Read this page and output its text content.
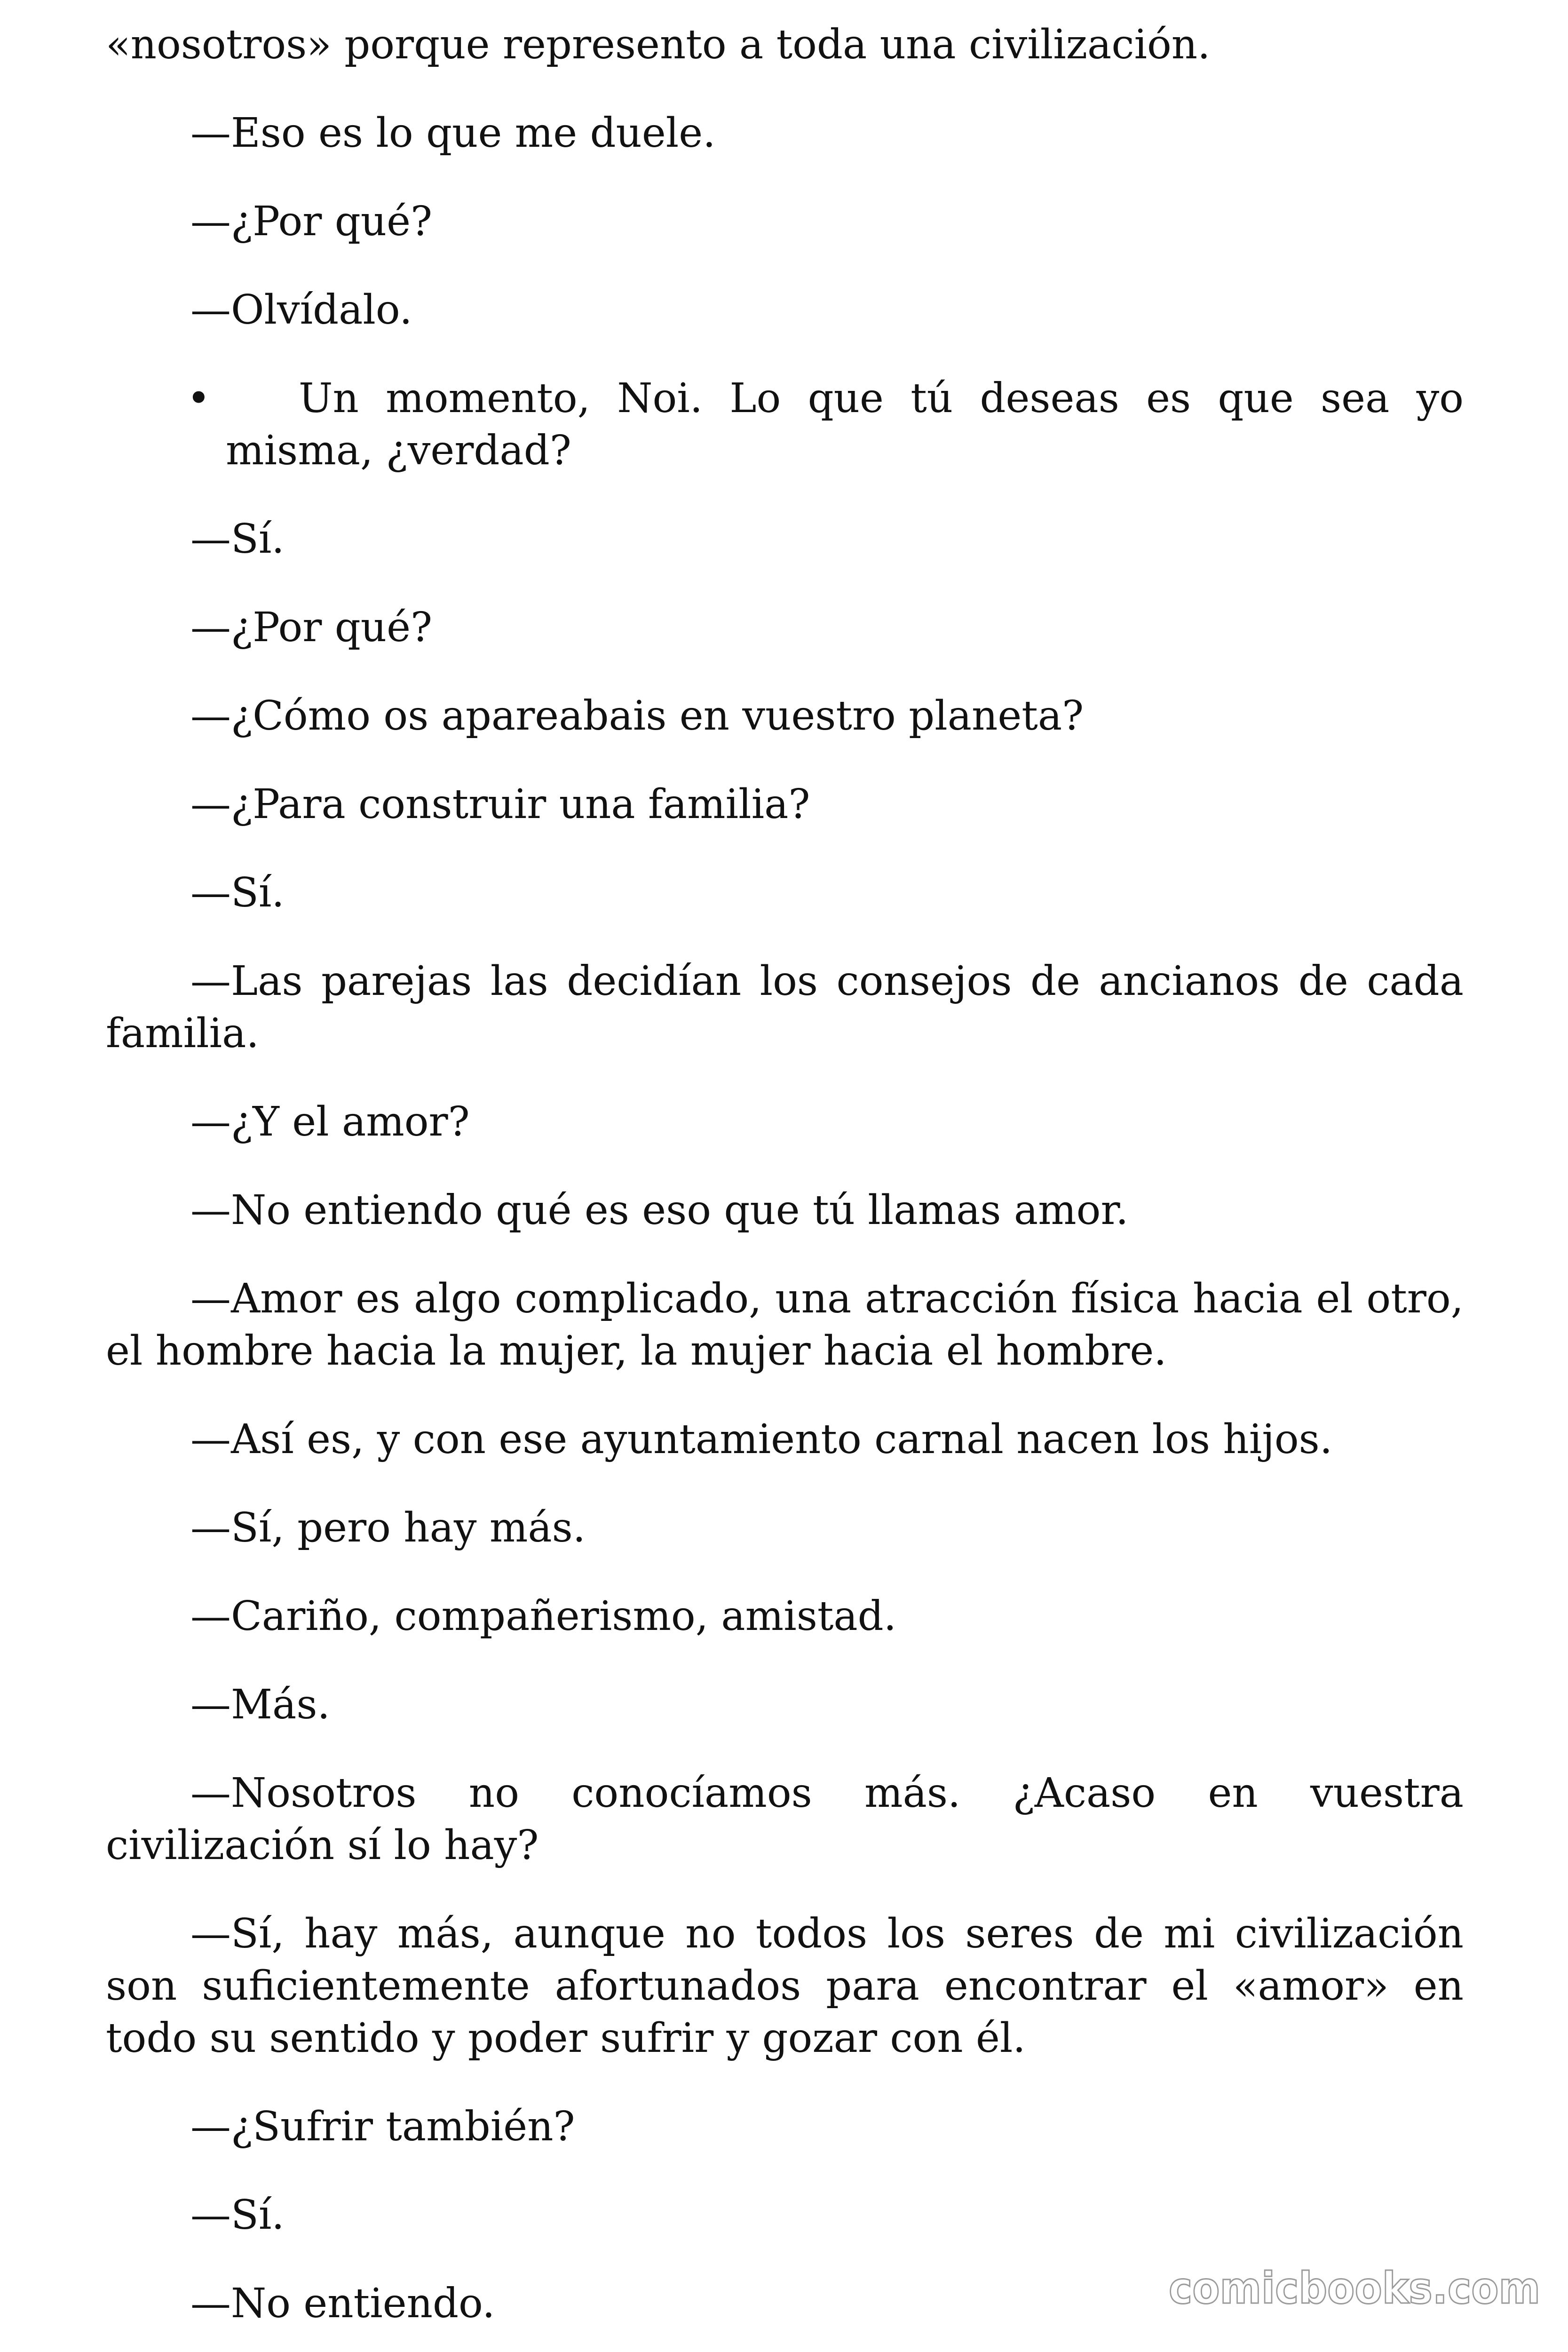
«nosotros» porque represento a toda una civilización.

—Eso es lo que me duele.

—¿Por qué?

—Olvídalo.

• Un momento, Noi. Lo que tú deseas es que sea yo misma, ¿verdad?

—Sí.

—¿Por qué?

—¿Cómo os apareabais en vuestro planeta?

—¿Para construir una familia?

—Sí.

—Las parejas las decidían los consejos de ancianos de cada familia.

—¿Y el amor?

—No entiendo qué es eso que tú llamas amor.

—Amor es algo complicado, una atracción física hacia el otro, el hombre hacia la mujer, la mujer hacia el hombre.

—Así es, y con ese ayuntamiento carnal nacen los hijos.

—Sí, pero hay más.

—Cariño, compañerismo, amistad.

—Más.

—Nosotros no conocíamos más. ¿Acaso en vuestra civilización sí lo hay?

—Sí, hay más, aunque no todos los seres de mi civilización son suficientemente afortunados para encontrar el «amor» en todo su sentido y poder sufrir y gozar con él.

—¿Sufrir también?

—Sí.

—No entiendo.	comicbooks.com
